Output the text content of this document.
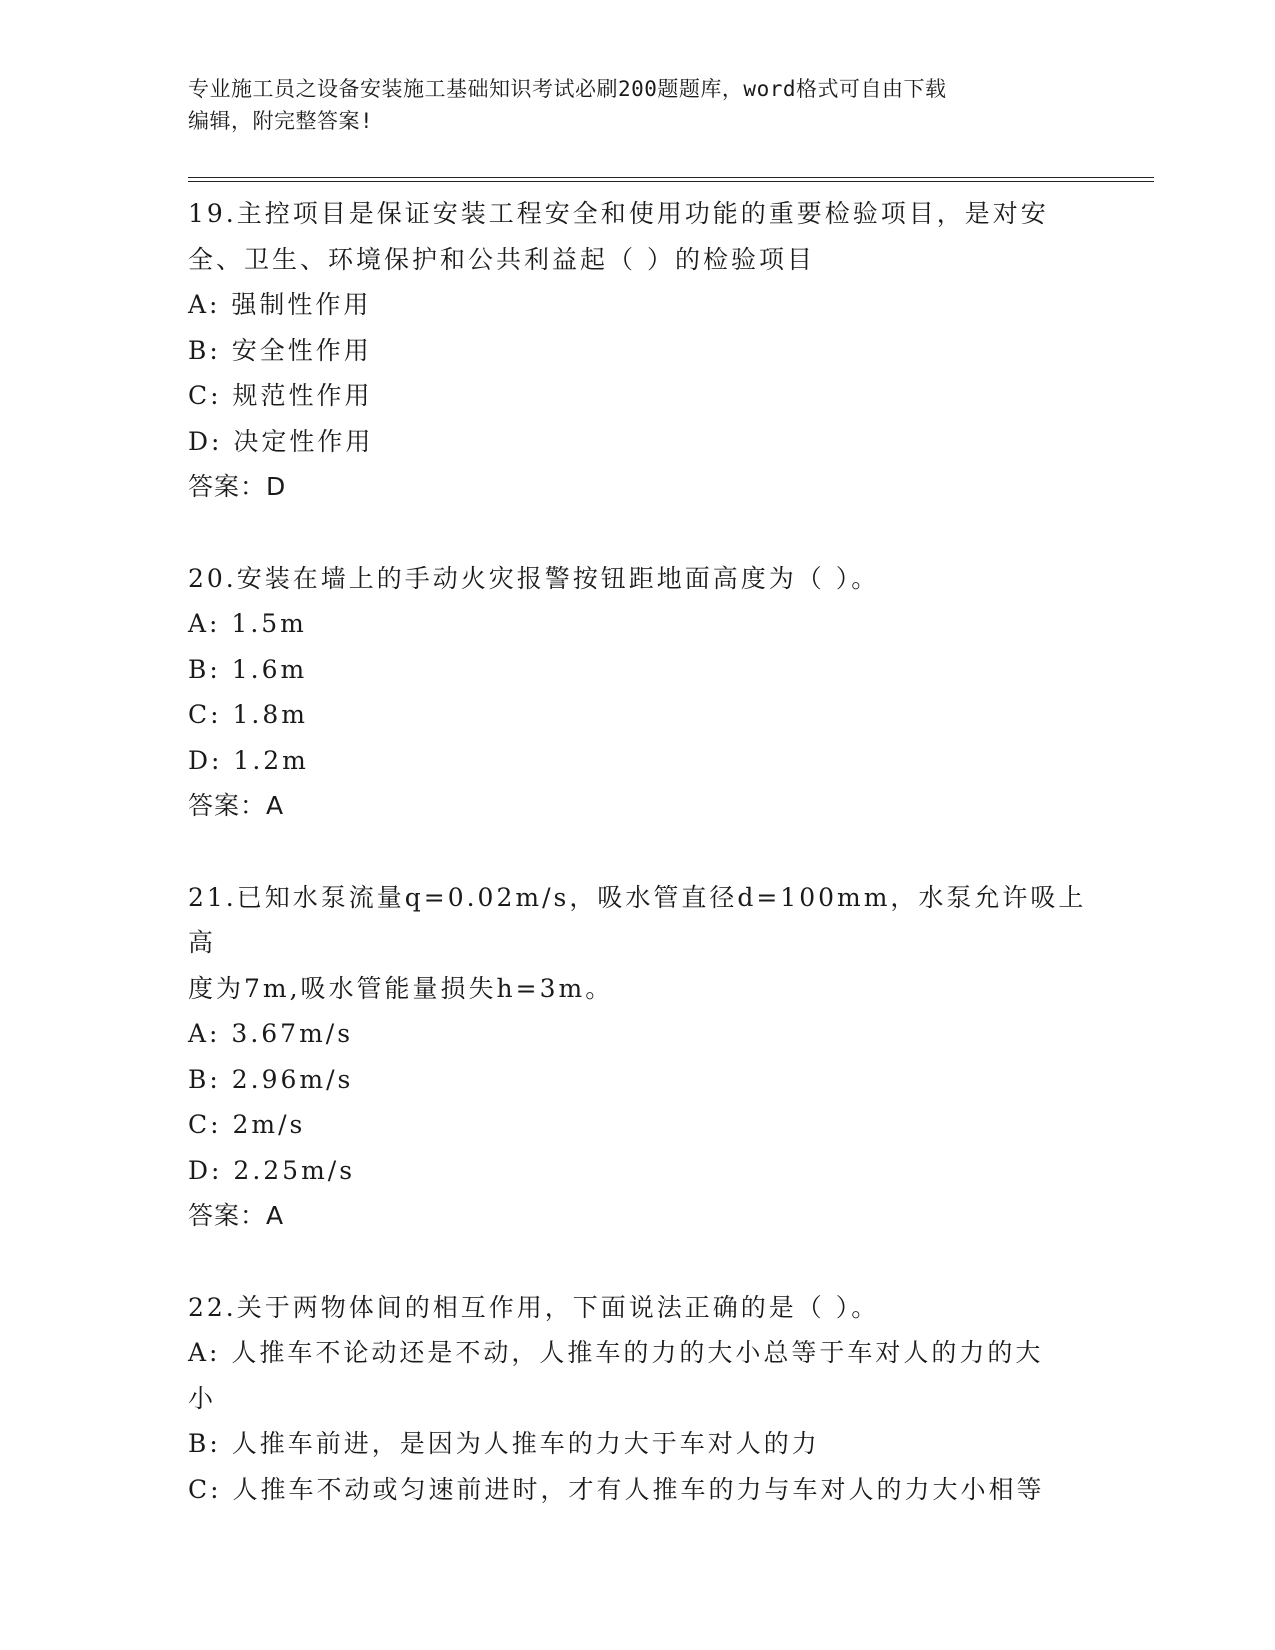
专业施工员之设备安装施工基础知识考试必刷200题题库，word格式可自由下载
编辑，附完整答案!
19.主控项目是保证安装工程安全和使用功能的重要检验项目，是对安
全、卫生、环境保护和公共利益起（ ）的检验项目
A: 强制性作用
B: 安全性作用
C: 规范性作用
D: 决定性作用
答案：D
20.安装在墙上的手动火灾报警按钮距地面高度为（ ）。
A: 1.5m
B: 1.6m
C: 1.8m
D: 1.2m
答案：A
21.已知水泵流量q=0.02m/s，吸水管直径d=100mm，水泵允许吸上高
度为7m,吸水管能量损失h=3m。
A: 3.67m/s
B: 2.96m/s
C: 2m/s
D: 2.25m/s
答案：A
22.关于两物体间的相互作用，下面说法正确的是（ ）。
A: 人推车不论动还是不动，人推车的力的大小总等于车对人的力的大
小
B: 人推车前进，是因为人推车的力大于车对人的力
C: 人推车不动或匀速前进时，才有人推车的力与车对人的力大小相等
